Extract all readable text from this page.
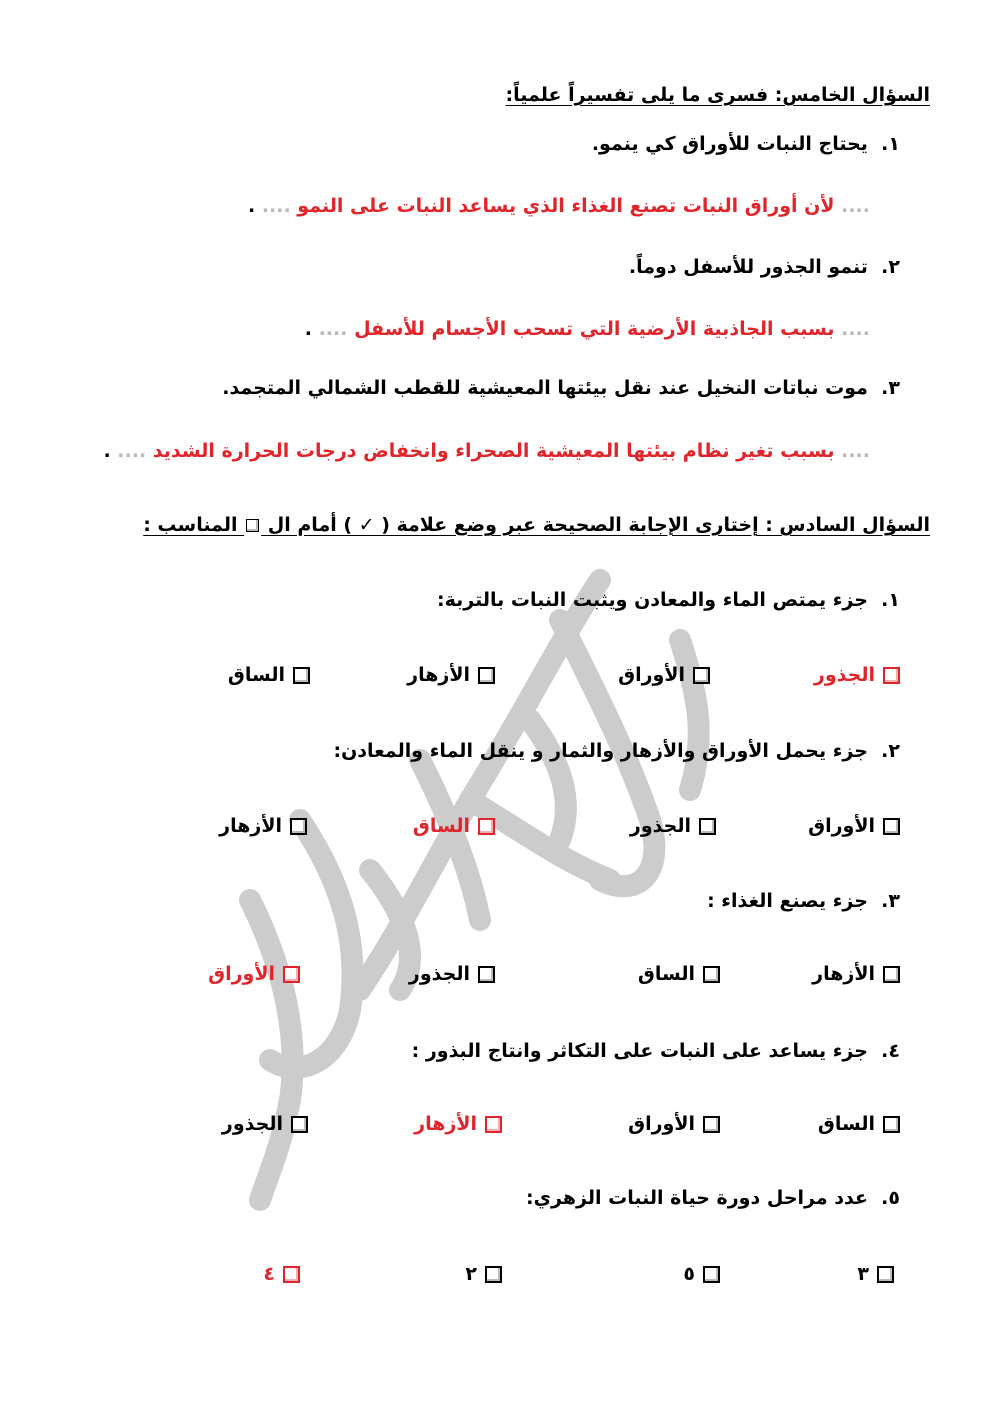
السؤال الخامس: فسرى ما يلى تفسيراً علمياً:
١.  يحتاج النبات للأوراق كي ينمو.
.... لأن أوراق النبات تصنع الغذاء الذي يساعد النبات على النمو .... .
٢.  تنمو الجذور للأسفل دوماً.
.... بسبب الجاذبية الأرضية التي تسحب الأجسام للأسفل .... .
٣.  موت نباتات النخيل عند نقل بيئتها المعيشية للقطب الشمالي المتجمد.
.... بسبب تغير نظام بيئتها المعيشية الصحراء وانخفاض درجات الحرارة الشديد .... .
السؤال السادس : إختارى الإجابة الصحيحة عبر وضع علامة ( ✓ ) أمام ال  المناسب :
١.  جزء يمتص الماء والمعادن ويثبت النبات بالتربة:
الجذور
الأوراق
الأزهار
الساق
٢.  جزء يحمل الأوراق والأزهار والثمار و ينقل الماء والمعادن:
الأوراق
الجذور
الساق
الأزهار
٣.  جزء يصنع الغذاء :
الأزهار
الساق
الجذور
الأوراق
٤.  جزء يساعد على النبات على التكاثر وانتاج البذور :
الساق
الأوراق
الأزهار
الجذور
٥.  عدد مراحل دورة حياة النبات الزهري:
٣
٥
٢
٤
